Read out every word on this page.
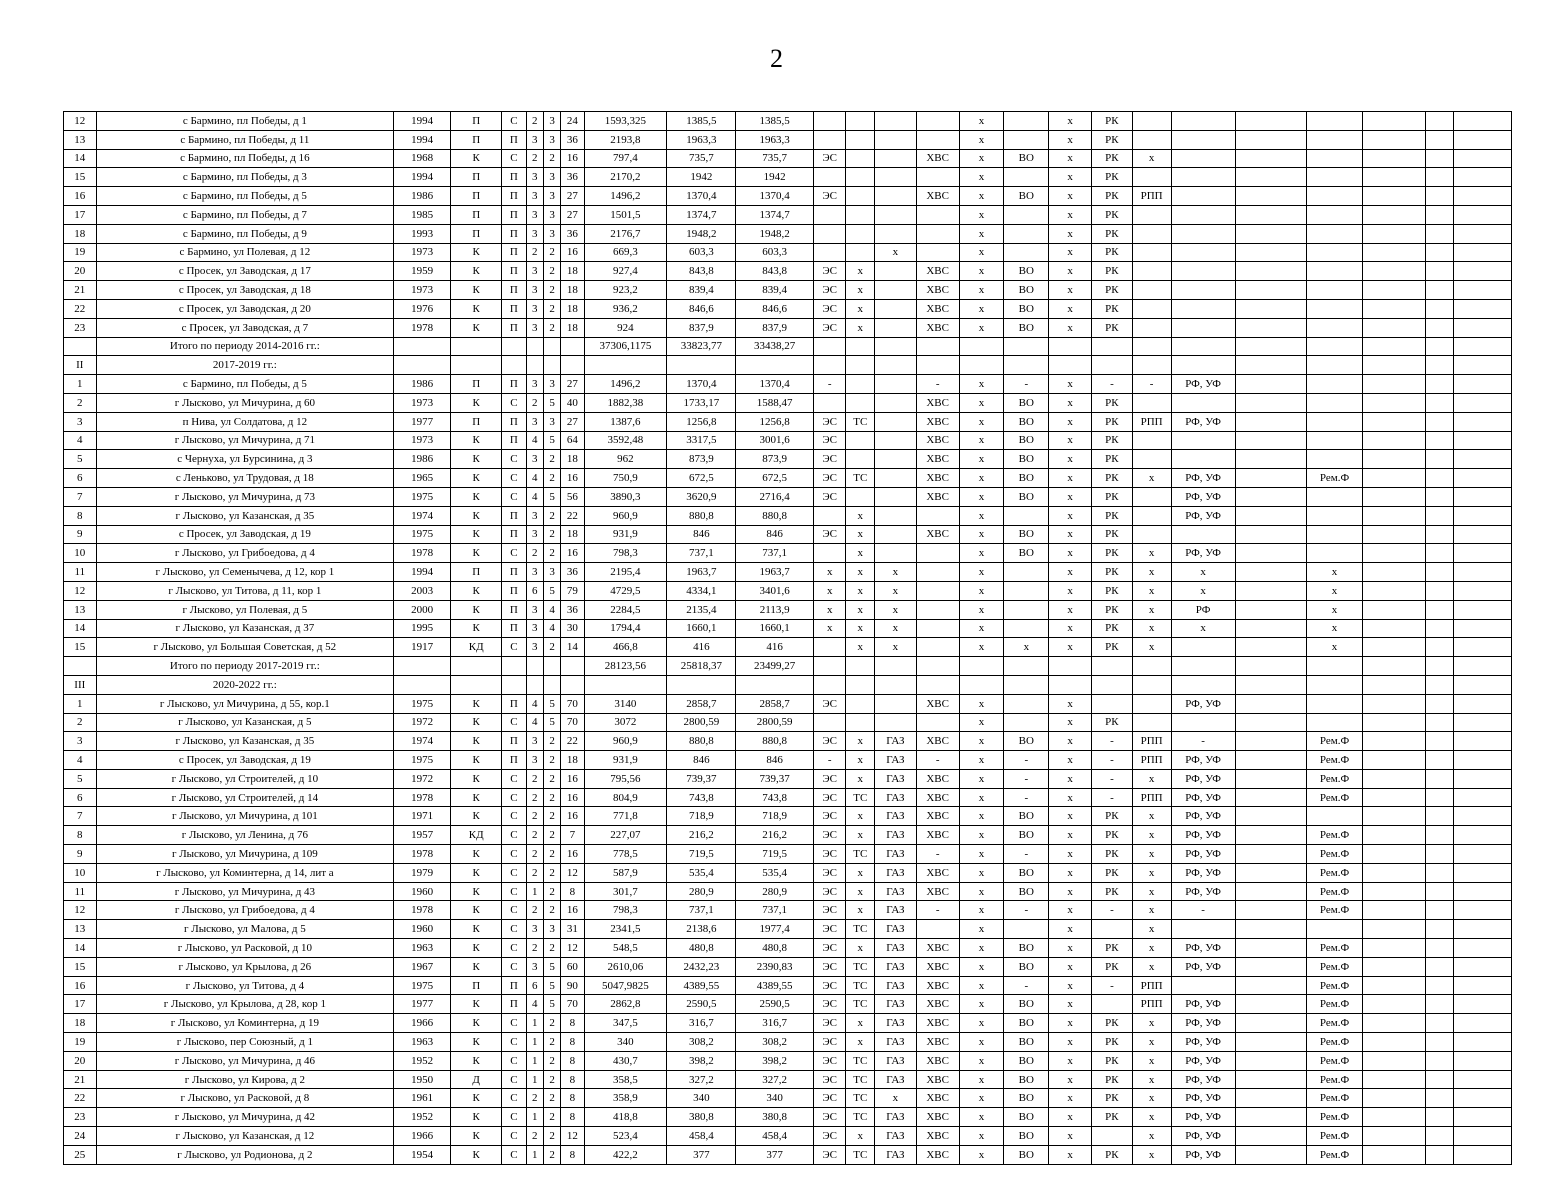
2
12	с Бармино, пл Победы, д 1	1994	П	С	2	3	24	1593,325	1385,5	1385,5					х		х	РК							
13	с Бармино, пл Победы, д 11	1994	П	П	3	3	36	2193,8	1963,3	1963,3					х		х	РК							
14	с Бармино, пл Победы, д 16	1968	К	С	2	2	16	797,4	735,7	735,7	ЭС			ХВС	х	ВО	х	РК	х						
15	с Бармино, пл Победы, д 3	1994	П	П	3	3	36	2170,2	1942	1942					х		х	РК							
16	с Бармино, пл Победы, д 5	1986	П	П	3	3	27	1496,2	1370,4	1370,4	ЭС			ХВС	х	ВО	х	РК	РПП						
17	с Бармино, пл Победы, д 7	1985	П	П	3	3	27	1501,5	1374,7	1374,7					х		х	РК							
18	с Бармино, пл Победы, д 9	1993	П	П	3	3	36	2176,7	1948,2	1948,2					х		х	РК							
19	с Бармино, ул Полевая, д 12	1973	К	П	2	2	16	669,3	603,3	603,3			х		х		х	РК							
20	с Просек, ул Заводская, д 17	1959	К	П	3	2	18	927,4	843,8	843,8	ЭС	х		ХВС	х	ВО	х	РК							
21	с Просек, ул Заводская, д 18	1973	К	П	3	2	18	923,2	839,4	839,4	ЭС	х		ХВС	х	ВО	х	РК							
22	с Просек, ул Заводская, д 20	1976	К	П	3	2	18	936,2	846,6	846,6	ЭС	х		ХВС	х	ВО	х	РК							
23	с Просек, ул Заводская, д 7	1978	К	П	3	2	18	924	837,9	837,9	ЭС	х		ХВС	х	ВО	х	РК							
	Итого по периоду 2014-2016 гг.:							37306,1175	33823,77	33438,27															
II	2017-2019 гг.:																								
1	с Бармино, пл Победы, д 5	1986	П	П	3	3	27	1496,2	1370,4	1370,4	-			-	х	-	х	-	-	РФ, УФ					
2	г Лысково, ул Мичурина, д 60	1973	К	С	2	5	40	1882,38	1733,17	1588,47				ХВС	х	ВО	х	РК							
3	п Нива, ул Солдатова, д 12	1977	П	П	3	3	27	1387,6	1256,8	1256,8	ЭС	ТС		ХВС	х	ВО	х	РК	РПП	РФ, УФ					
4	г Лысково, ул Мичурина, д 71	1973	К	П	4	5	64	3592,48	3317,5	3001,6	ЭС			ХВС	х	ВО	х	РК							
5	с Чернуха, ул Бурсинина, д 3	1986	К	С	3	2	18	962	873,9	873,9	ЭС			ХВС	х	ВО	х	РК							
6	с Леньково, ул Трудовая, д 18	1965	К	С	4	2	16	750,9	672,5	672,5	ЭС	ТС		ХВС	х	ВО	х	РК	х	РФ, УФ		Рем.Ф			
7	г Лысково, ул Мичурина, д 73	1975	К	С	4	5	56	3890,3	3620,9	2716,4	ЭС			ХВС	х	ВО	х	РК		РФ, УФ					
8	г Лысково, ул Казанская, д 35	1974	К	П	3	2	22	960,9	880,8	880,8		х			х		х	РК		РФ, УФ					
9	с Просек, ул Заводская, д 19	1975	К	П	3	2	18	931,9	846	846	ЭС	х		ХВС	х	ВО	х	РК							
10	г Лысково, ул Грибоедова, д 4	1978	К	С	2	2	16	798,3	737,1	737,1		х			х	ВО	х	РК	х	РФ, УФ					
11	г Лысково, ул Семенычева, д 12, кор 1	1994	П	П	3	3	36	2195,4	1963,7	1963,7	х	х	х		х		х	РК	х	х		х			
12	г Лысково, ул Титова, д 11, кор 1	2003	К	П	6	5	79	4729,5	4334,1	3401,6	х	х	х		х		х	РК	х	х		х			
13	г Лысково, ул Полевая, д 5	2000	К	П	3	4	36	2284,5	2135,4	2113,9	х	х	х		х		х	РК	х	РФ		х			
14	г Лысково, ул Казанская, д 37	1995	К	П	3	4	30	1794,4	1660,1	1660,1	х	х	х		х		х	РК	х	х		х			
15	г Лысково, ул Большая Советская, д 52	1917	КД	С	3	2	14	466,8	416	416		х	х		х	х	х	РК	х			х			
	Итого по периоду 2017-2019 гг.:							28123,56	25818,37	23499,27															
III	2020-2022 гг.:																								
1	г Лысково, ул Мичурина, д 55, кор.1	1975	К	П	4	5	70	3140	2858,7	2858,7	ЭС			ХВС	х		х			РФ, УФ					
2	г Лысково, ул Казанская, д 5	1972	К	С	4	5	70	3072	2800,59	2800,59					х		х	РК							
3	г Лысково, ул Казанская, д 35	1974	К	П	3	2	22	960,9	880,8	880,8	ЭС	х	ГАЗ	ХВС	х	ВО	х	-	РПП	-		Рем.Ф			
4	с Просек, ул Заводская, д 19	1975	К	П	3	2	18	931,9	846	846	-	х	ГАЗ	-	х	-	х	-	РПП	РФ, УФ		Рем.Ф			
5	г Лысково, ул Строителей, д 10	1972	К	С	2	2	16	795,56	739,37	739,37	ЭС	х	ГАЗ	ХВС	х	-	х	-	х	РФ, УФ		Рем.Ф			
6	г Лысково, ул Строителей, д 14	1978	К	С	2	2	16	804,9	743,8	743,8	ЭС	ТС	ГАЗ	ХВС	х	-	х	-	РПП	РФ, УФ		Рем.Ф			
7	г Лысково, ул Мичурина, д 101	1971	К	С	2	2	16	771,8	718,9	718,9	ЭС	х	ГАЗ	ХВС	х	ВО	х	РК	х	РФ, УФ					
8	г Лысково, ул Ленина, д 76	1957	КД	С	2	2	7	227,07	216,2	216,2	ЭС	х	ГАЗ	ХВС	х	ВО	х	РК	х	РФ, УФ		Рем.Ф			
9	г Лысково, ул Мичурина, д 109	1978	К	С	2	2	16	778,5	719,5	719,5	ЭС	ТС	ГАЗ	-	х	-	х	РК	х	РФ, УФ		Рем.Ф			
10	г Лысково, ул Коминтерна, д 14, лит а	1979	К	С	2	2	12	587,9	535,4	535,4	ЭС	х	ГАЗ	ХВС	х	ВО	х	РК	х	РФ, УФ		Рем.Ф			
11	г Лысково, ул Мичурина, д 43	1960	К	С	1	2	8	301,7	280,9	280,9	ЭС	х	ГАЗ	ХВС	х	ВО	х	РК	х	РФ, УФ		Рем.Ф			
12	г Лысково, ул Грибоедова, д 4	1978	К	С	2	2	16	798,3	737,1	737,1	ЭС	х	ГАЗ	-	х	-	х	-	х	-		Рем.Ф			
13	г Лысково, ул Малова, д 5	1960	К	С	3	3	31	2341,5	2138,6	1977,4	ЭС	ТС	ГАЗ		х		х		х						
14	г Лысково, ул Расковой, д 10	1963	К	С	2	2	12	548,5	480,8	480,8	ЭС	х	ГАЗ	ХВС	х	ВО	х	РК	х	РФ, УФ		Рем.Ф			
15	г Лысково, ул Крылова, д 26	1967	К	С	3	5	60	2610,06	2432,23	2390,83	ЭС	ТС	ГАЗ	ХВС	х	ВО	х	РК	х	РФ, УФ		Рем.Ф			
16	г Лысково, ул Титова, д 4	1975	П	П	6	5	90	5047,9825	4389,55	4389,55	ЭС	ТС	ГАЗ	ХВС	х	-	х	-	РПП			Рем.Ф			
17	г Лысково, ул Крылова, д 28, кор 1	1977	К	П	4	5	70	2862,8	2590,5	2590,5	ЭС	ТС	ГАЗ	ХВС	х	ВО	х		РПП	РФ, УФ		Рем.Ф			
18	г Лысково, ул Коминтерна, д 19	1966	К	С	1	2	8	347,5	316,7	316,7	ЭС	х	ГАЗ	ХВС	х	ВО	х	РК	х	РФ, УФ		Рем.Ф			
19	г Лысково, пер Союзный, д 1	1963	К	С	1	2	8	340	308,2	308,2	ЭС	х	ГАЗ	ХВС	х	ВО	х	РК	х	РФ, УФ		Рем.Ф			
20	г Лысково, ул Мичурина, д 46	1952	К	С	1	2	8	430,7	398,2	398,2	ЭС	ТС	ГАЗ	ХВС	х	ВО	х	РК	х	РФ, УФ		Рем.Ф			
21	г Лысково, ул Кирова, д 2	1950	Д	С	1	2	8	358,5	327,2	327,2	ЭС	ТС	ГАЗ	ХВС	х	ВО	х	РК	х	РФ, УФ		Рем.Ф			
22	г Лысково, ул Расковой, д 8	1961	К	С	2	2	8	358,9	340	340	ЭС	ТС	х	ХВС	х	ВО	х	РК	х	РФ, УФ		Рем.Ф			
23	г Лысково, ул Мичурина, д 42	1952	К	С	1	2	8	418,8	380,8	380,8	ЭС	ТС	ГАЗ	ХВС	х	ВО	х	РК	х	РФ, УФ		Рем.Ф			
24	г Лысково, ул Казанская, д 12	1966	К	С	2	2	12	523,4	458,4	458,4	ЭС	х	ГАЗ	ХВС	х	ВО	х		х	РФ, УФ		Рем.Ф			
25	г Лысково, ул Родионова, д 2	1954	К	С	1	2	8	422,2	377	377	ЭС	ТС	ГАЗ	ХВС	х	ВО	х	РК	х	РФ, УФ		Рем.Ф			
